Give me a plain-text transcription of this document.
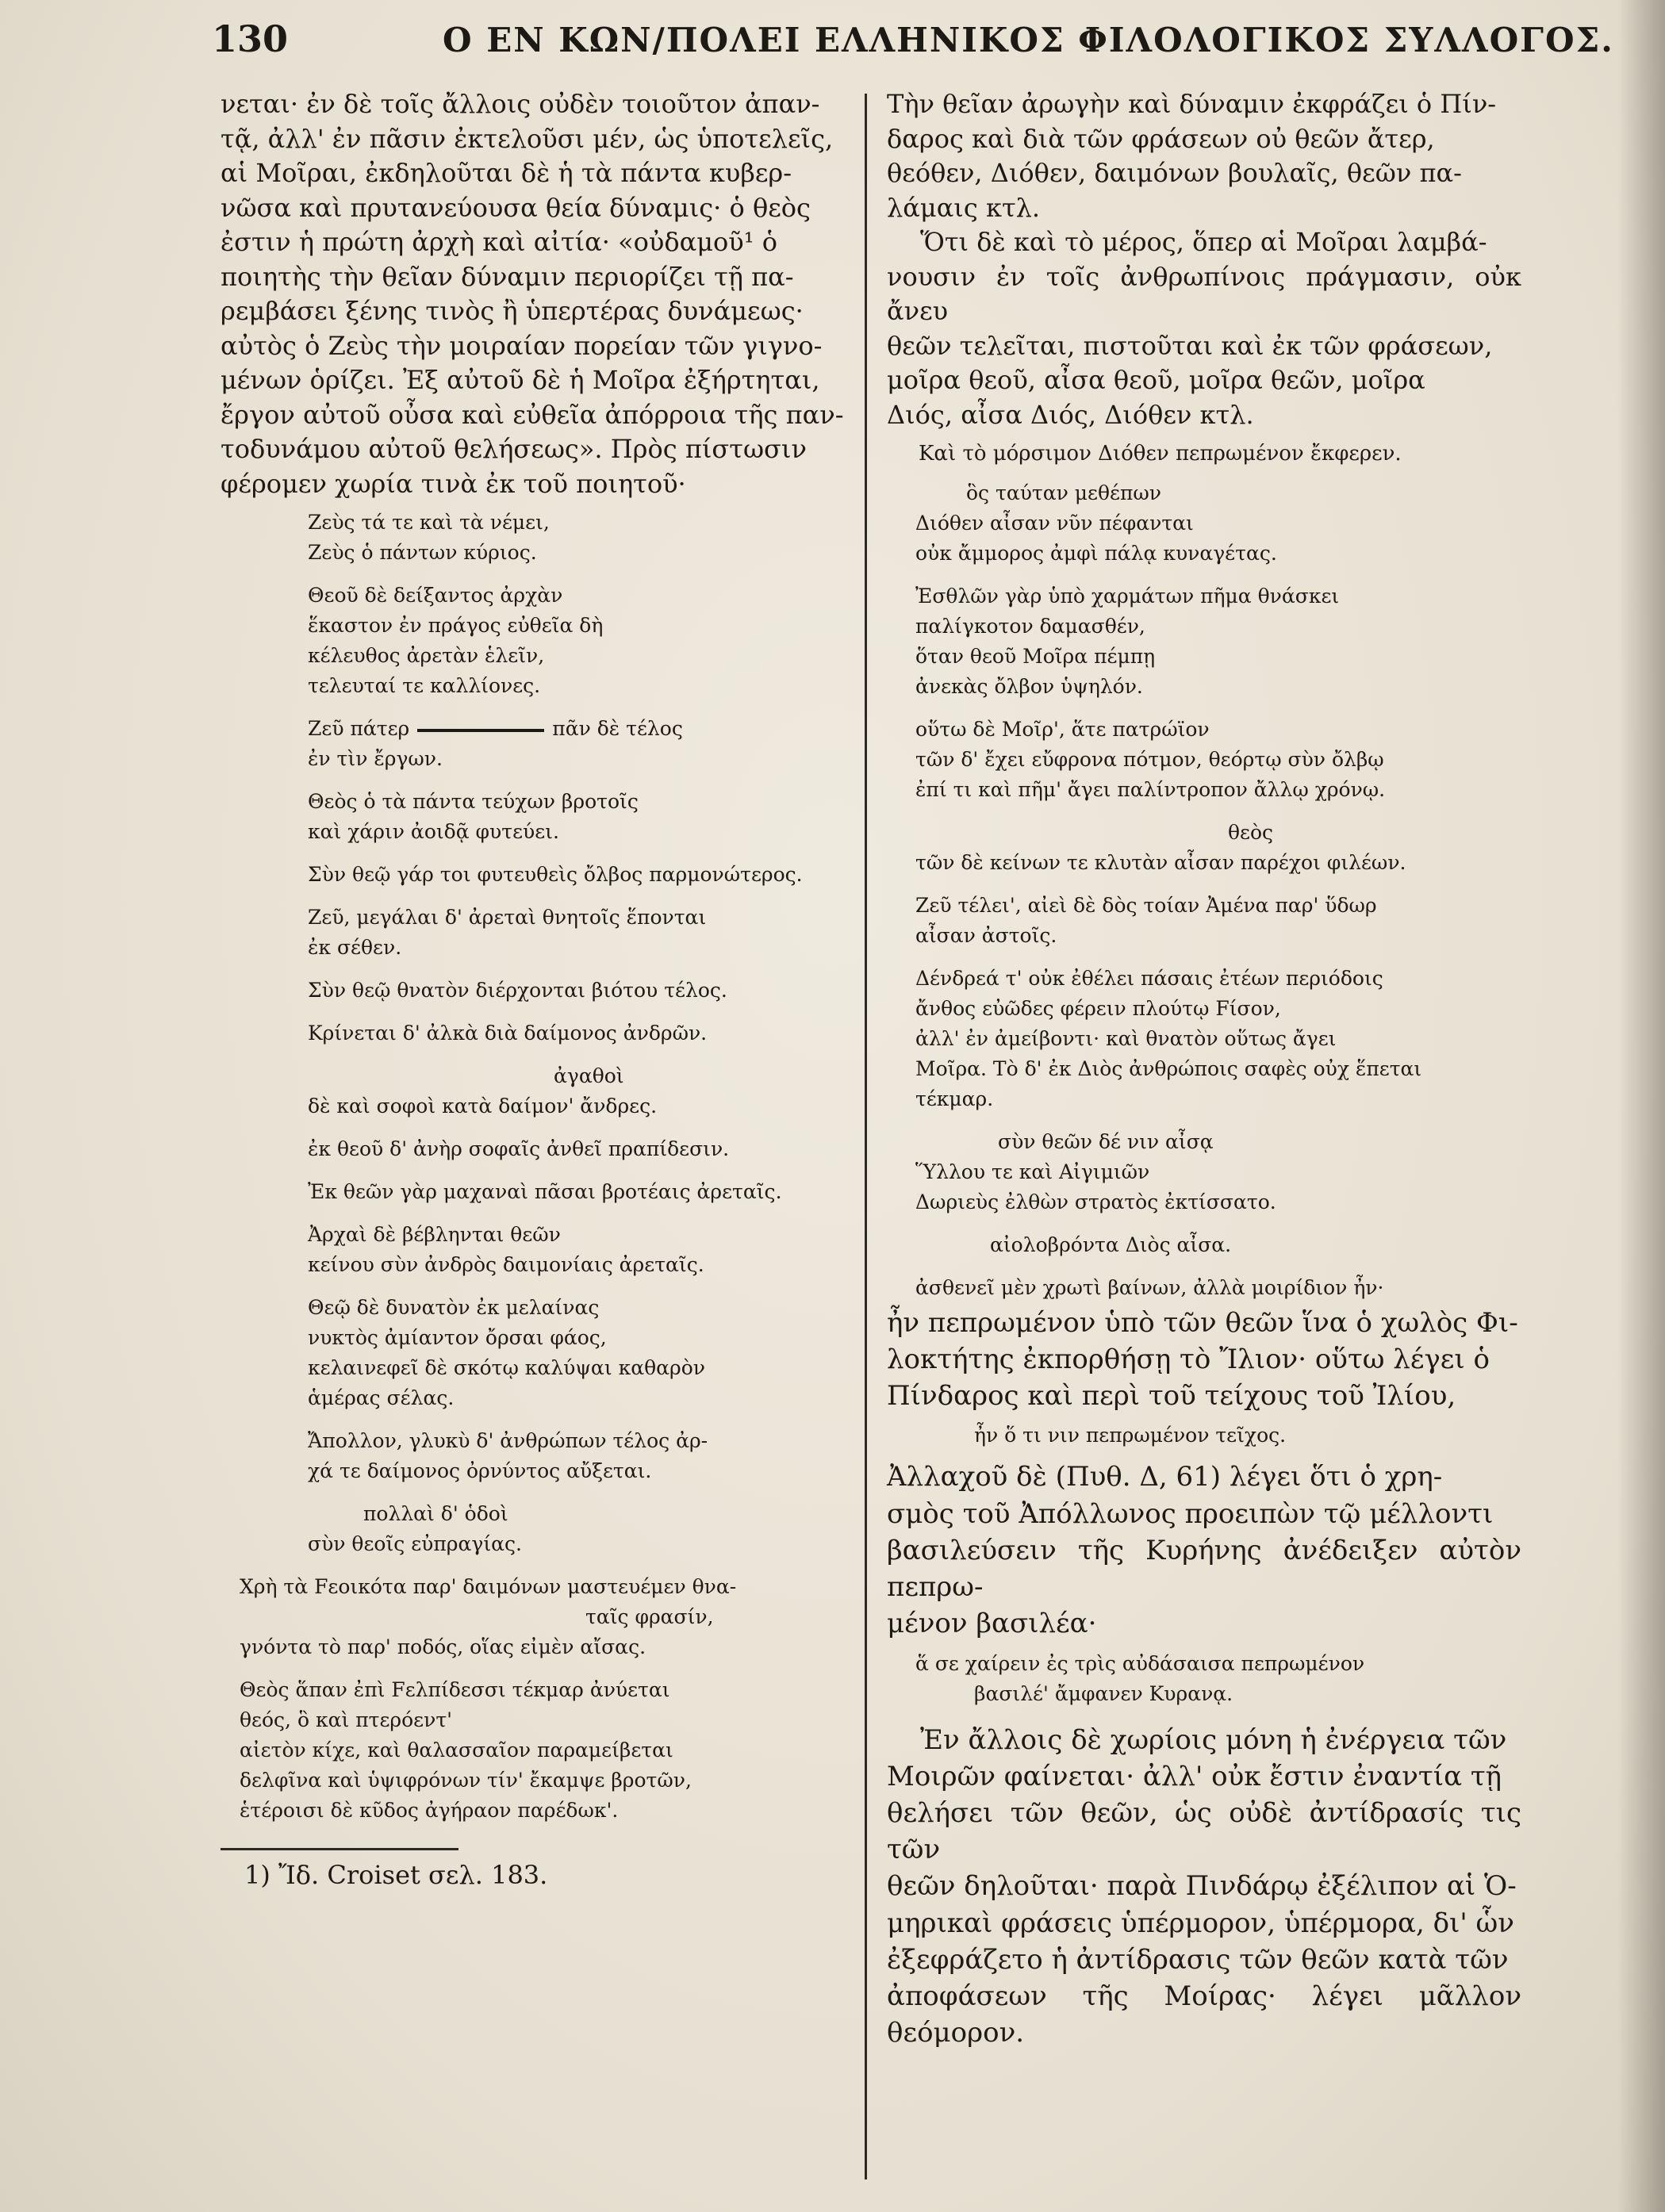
130	Ο ΕΝ ΚΩΝ/ΠΟΛΕΙ ΕΛΛΗΝΙΚΟΣ ΦΙΛΟΛΟΓΙΚΟΣ ΣΥΛΛΟΓΟΣ.
νεται· ἐν δὲ τοῖς ἄλλοις οὐδὲν τοιοῦτον ἀπαν-
τᾷ, ἀλλ' ἐν πᾶσιν ἐκτελοῦσι μέν, ὡς ὑποτελεῖς,
αἱ Μοῖραι, ἐκδηλοῦται δὲ ἡ τὰ πάντα κυβερ-
νῶσα καὶ πρυτανεύουσα θεία δύναμις· ὁ θεὸς
ἐστιν ἡ πρώτη ἀρχὴ καὶ αἰτία· «οὐδαμοῦ¹ ὁ
ποιητὴς τὴν θεῖαν δύναμιν περιορίζει τῇ πα-
ρεμβάσει ξένης τινὸς ἢ ὑπερτέρας δυνάμεως·
αὐτὸς ὁ Ζεὺς τὴν μοιραίαν πορείαν τῶν γιγνο-
μένων ὁρίζει. Ἐξ αὐτοῦ δὲ ἡ Μοῖρα ἐξήρτηται,
ἔργον αὐτοῦ οὖσα καὶ εὐθεῖα ἀπόρροια τῆς παν-
τοδυνάμου αὐτοῦ θελήσεως». Πρὸς πίστωσιν
φέρομεν χωρία τινὰ ἐκ τοῦ ποιητοῦ·
Ζεὺς τά τε καὶ τὰ νέμει,
Ζεὺς ὁ πάντων κύριος.
Θεοῦ δὲ δείξαντος ἀρχὰν
ἕκαστον ἐν πράγος εὐθεῖα δὴ
κέλευθος ἀρετὰν ἑλεῖν,
τελευταί τε καλλίονες.
Ζεῦ πάτερ	πᾶν δὲ τέλος
ἐν τὶν ἔργων.
Θεὸς ὁ τὰ πάντα τεύχων βροτοῖς
καὶ χάριν ἀοιδᾷ φυτεύει.
Σὺν θεῷ γάρ τοι φυτευθεὶς ὄλβος παρμονώτερος.
Ζεῦ, μεγάλαι δ' ἀρεταὶ θνητοῖς ἕπονται
ἐκ σέθεν.
Σὺν θεῷ θνατὸν διέρχονται βιότου τέλος.
Κρίνεται δ' ἀλκὰ διὰ δαίμονος ἀνδρῶν.
ἀγαθοὶ
δὲ καὶ σοφοὶ κατὰ δαίμον' ἄνδρες.
ἐκ θεοῦ δ' ἀνὴρ σοφαῖς ἀνθεῖ πραπίδεσιν.
Ἐκ θεῶν γὰρ μαχαναὶ πᾶσαι βροτέαις ἀρεταῖς.
Ἀρχαὶ δὲ βέβληνται θεῶν
κείνου σὺν ἀνδρὸς δαιμονίαις ἀρεταῖς.
Θεῷ δὲ δυνατὸν ἐκ μελαίνας
νυκτὸς ἀμίαντον ὄρσαι φάος,
κελαινεφεῖ δὲ σκότῳ καλύψαι καθαρὸν
ἁμέρας σέλας.
Ἄπολλον, γλυκὺ δ' ἀνθρώπων τέλος ἀρ-
χά τε δαίμονος ὀρνύντος αὔξεται.
πολλαὶ δ' ὁδοὶ
σὺν θεοῖς εὐπραγίας.
Χρὴ τὰ Fεοικότα παρ' δαιμόνων μαστευέμεν θνα-
ταῖς φρασίν,
γνόντα τὸ παρ' ποδός, οἵας εἰμὲν αἴσας.
Θεὸς ἅπαν ἐπὶ Fελπίδεσσι τέκμαρ ἀνύεται
θεός, ὃ καὶ πτερόεντ'
αἰετὸν κίχε, καὶ θαλασσαῖον παραμείβεται
δελφῖνα καὶ ὑψιφρόνων τίν' ἔκαμψε βροτῶν,
ἑτέροισι δὲ κῦδος ἀγήραον παρέδωκ'.
1) Ἴδ. Croiset σελ. 183.
Τὴν θεῖαν ἀρωγὴν καὶ δύναμιν ἐκφράζει ὁ Πίν-
δαρος καὶ διὰ τῶν φράσεων οὐ θεῶν ἄτερ,
θεόθεν, Διόθεν, δαιμόνων βουλαῖς, θεῶν πα-
λάμαις κτλ.
Ὅτι δὲ καὶ τὸ μέρος, ὅπερ αἱ Μοῖραι λαμβά-
νουσιν ἐν τοῖς ἀνθρωπίνοις πράγμασιν, οὐκ ἄνευ
θεῶν τελεῖται, πιστοῦται καὶ ἐκ τῶν φράσεων,
μοῖρα θεοῦ, αἶσα θεοῦ, μοῖρα θεῶν, μοῖρα
Διός, αἶσα Διός, Διόθεν κτλ.
Καὶ τὸ μόρσιμον Διόθεν πεπρωμένον ἔκφερεν.
ὃς ταύταν μεθέπων
Διόθεν αἶσαν νῦν πέφανται
οὐκ ἄμμορος ἀμφὶ πάλᾳ κυναγέτας.
Ἐσθλῶν γὰρ ὑπὸ χαρμάτων πῆμα θνάσκει
παλίγκοτον δαμασθέν,
ὅταν θεοῦ Μοῖρα πέμπῃ
ἀνεκὰς ὄλβον ὑψηλόν.
οὕτω δὲ Μοῖρ', ἅτε πατρώϊον
τῶν δ' ἔχει εὔφρονα πότμον, θεόρτῳ σὺν ὄλβῳ
ἐπί τι καὶ πῆμ' ἄγει παλίντροπον ἄλλῳ χρόνῳ.
θεὸς
τῶν δὲ κείνων τε κλυτὰν αἶσαν παρέχοι φιλέων.
Ζεῦ τέλει', αἰεὶ δὲ δὸς τοίαν Ἀμένα παρ' ὕδωρ
αἶσαν ἀστοῖς.
Δένδρεά τ' οὐκ ἐθέλει πάσαις ἐτέων περιόδοις
ἄνθος εὐῶδες φέρειν πλούτῳ Fίσον,
ἀλλ' ἐν ἀμείβοντι· καὶ θνατὸν οὕτως ἄγει
Μοῖρα. Τὸ δ' ἐκ Διὸς ἀνθρώποις σαφὲς οὐχ ἕπεται
τέκμαρ.
σὺν θεῶν δέ νιν αἶσᾳ
Ὕλλου τε καὶ Αἰγιμιῶν
Δωριεὺς ἐλθὼν στρατὸς ἐκτίσσατο.
αἰολοβρόντα Διὸς αἶσα.
ἀσθενεῖ μὲν χρωτὶ βαίνων, ἀλλὰ μοιρίδιον ἦν·
ἦν πεπρωμένον ὑπὸ τῶν θεῶν ἵνα ὁ χωλὸς Φι-
λοκτήτης ἐκπορθήσῃ τὸ Ἴλιον· οὕτω λέγει ὁ
Πίνδαρος καὶ περὶ τοῦ τείχους τοῦ Ἰλίου,
ἦν ὅ τι νιν πεπρωμένον τεῖχος.
Ἀλλαχοῦ δὲ (Πυθ. Δ, 61) λέγει ὅτι ὁ χρη-
σμὸς τοῦ Ἀπόλλωνος προειπὼν τῷ μέλλοντι
βασιλεύσειν τῆς Κυρήνης ἀνέδειξεν αὐτὸν πεπρω-
μένον βασιλέα·
ἅ σε χαίρειν ἐς τρὶς αὐδάσαισα πεπρωμένον
βασιλέ' ἄμφανεν Κυρανᾳ.
Ἐν ἄλλοις δὲ χωρίοις μόνη ἡ ἐνέργεια τῶν
Μοιρῶν φαίνεται· ἀλλ' οὐκ ἔστιν ἐναντία τῇ
θελήσει τῶν θεῶν, ὡς οὐδὲ ἀντίδρασίς τις τῶν
θεῶν δηλοῦται· παρὰ Πινδάρῳ ἐξέλιπον αἱ Ὁ-
μηρικαὶ φράσεις ὑπέρμορον, ὑπέρμορα, δι' ὧν
ἐξεφράζετο ἡ ἀντίδρασις τῶν θεῶν κατὰ τῶν
ἀποφάσεων τῆς Μοίρας· λέγει μᾶλλον θεόμορον.
